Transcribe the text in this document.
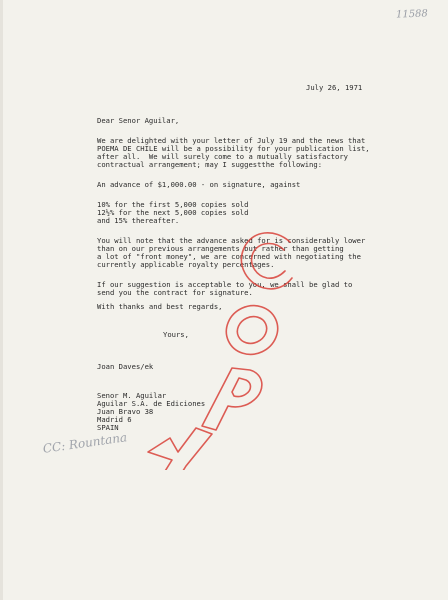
11588
July 26, 1971
Dear Senor Aguilar,
We are delighted with your letter of July 19 and the news that
POEMA DE CHILE will be a possibility for your publication list,
after all.  We will surely come to a mutually satisfactory
contractual arrangement; may I suggestthe following:
An advance of $1,000.00 - on signature, against
10% for the first 5,000 copies sold
12½% for the next 5,000 copies sold
and 15% thereafter.
You will note that the advance asked for is considerably lower
than on our previous arrangements but rather than getting
a lot of "front money", we are concerned with negotiating the
currently applicable royalty percentages.
If our suggestion is acceptable to you, we shall be glad to
send you the contract for signature.
With thanks and best regards,
Yours,
Joan Daves/ek
Senor M. Aguilar
Aguilar S.A. de Ediciones
Juan Bravo 38
Madrid 6
SPAIN
CC: Rountana
